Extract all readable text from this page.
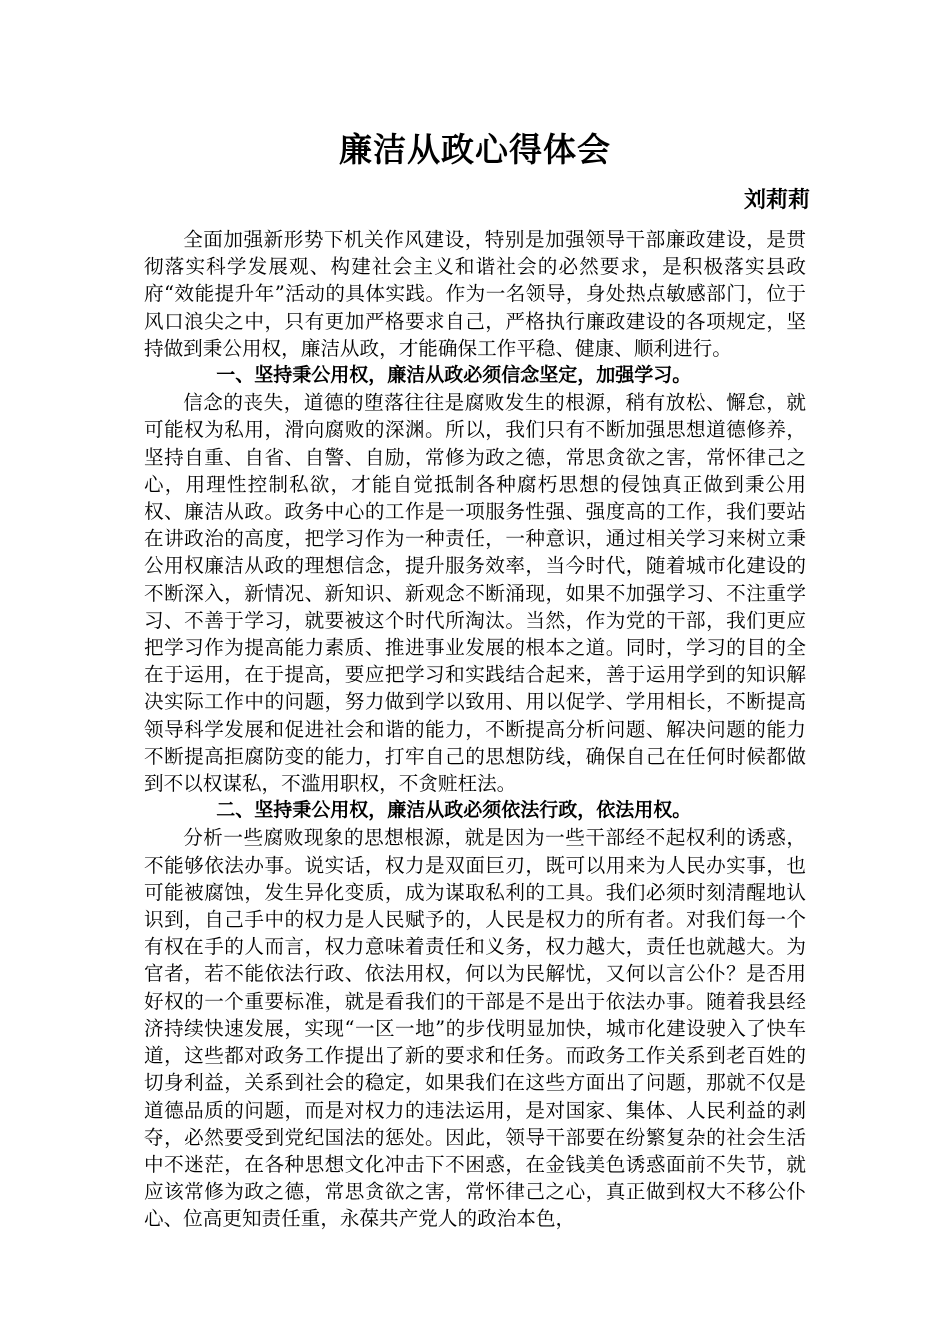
廉洁从政心得体会
刘莉莉

全面加强新形势下机关作风建设，特别是加强领导干部廉政建设，是贯彻落实科学发展观、构建社会主义和谐社会的必然要求，是积极落实县政府“效能提升年”活动的具体实践。作为一名领导，身处热点敏感部门，位于风口浪尖之中，只有更加严格要求自己，严格执行廉政建设的各项规定，坚持做到秉公用权，廉洁从政，才能确保工作平稳、健康、顺利进行。

一、坚持秉公用权，廉洁从政必须信念坚定，加强学习。

信念的丧失，道德的堕落往往是腐败发生的根源，稍有放松、懈怠，就可能权为私用，滑向腐败的深渊。所以，我们只有不断加强思想道德修养，坚持自重、自省、自警、自励，常修为政之德，常思贪欲之害，常怀律己之心，用理性控制私欲，才能自觉抵制各种腐朽思想的侵蚀真正做到秉公用权、廉洁从政。政务中心的工作是一项服务性强、强度高的工作，我们要站在讲政治的高度，把学习作为一种责任，一种意识，通过相关学习来树立秉公用权廉洁从政的理想信念，提升服务效率，当今时代，随着城市化建设的不断深入，新情况、新知识、新观念不断涌现，如果不加强学习、不注重学习、不善于学习，就要被这个时代所淘汰。当然，作为党的干部，我们更应把学习作为提高能力素质、推进事业发展的根本之道。同时，学习的目的全在于运用，在于提高，要应把学习和实践结合起来，善于运用学到的知识解决实际工作中的问题，努力做到学以致用、用以促学、学用相长，不断提高领导科学发展和促进社会和谐的能力，不断提高分析问题、解决问题的能力不断提高拒腐防变的能力，打牢自己的思想防线，确保自己在任何时候都做到不以权谋私，不滥用职权，不贪赃枉法。

二、坚持秉公用权，廉洁从政必须依法行政，依法用权。

分析一些腐败现象的思想根源，就是因为一些干部经不起权利的诱惑，不能够依法办事。说实话，权力是双面巨刃，既可以用来为人民办实事，也可能被腐蚀，发生异化变质，成为谋取私利的工具。我们必须时刻清醒地认识到，自己手中的权力是人民赋予的，人民是权力的所有者。对我们每一个有权在手的人而言，权力意味着责任和义务，权力越大，责任也就越大。为官者，若不能依法行政、依法用权，何以为民解忧，又何以言公仆？是否用好权的一个重要标准，就是看我们的干部是不是出于依法办事。随着我县经济持续快速发展，实现“一区一地”的步伐明显加快，城市化建设驶入了快车道，这些都对政务工作提出了新的要求和任务。而政务工作关系到老百姓的切身利益，关系到社会的稳定，如果我们在这些方面出了问题，那就不仅是道德品质的问题，而是对权力的违法运用，是对国家、集体、人民利益的剥夺，必然要受到党纪国法的惩处。因此，领导干部要在纷繁复杂的社会生活中不迷茫，在各种思想文化冲击下不困惑，在金钱美色诱惑面前不失节，就应该常修为政之德，常思贪欲之害，常怀律己之心，真正做到权大不移公仆心、位高更知责任重，永葆共产党人的政治本色，
